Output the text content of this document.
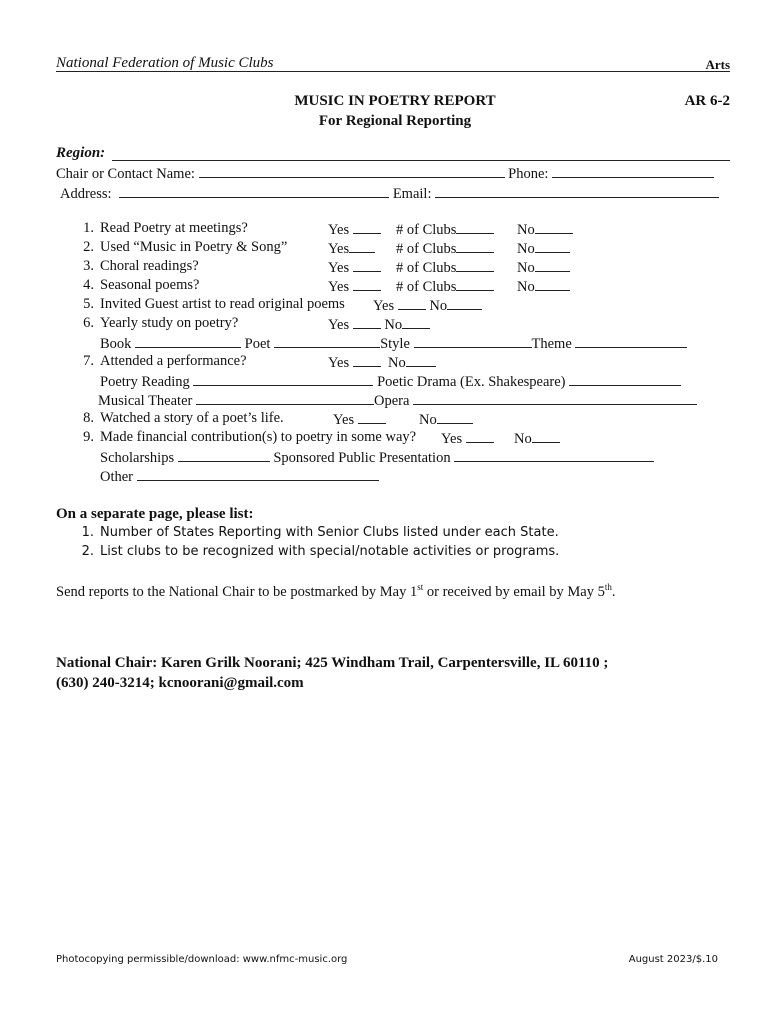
National Federation of Music Clubs	Arts
MUSIC IN POETRY REPORT
For Regional Reporting
AR 6-2
Region:
Chair or Contact Name:	Phone:
Address:	Email:
1. Read Poetry at meetings?	Yes	# of Clubs	No
2. Used “Music in Poetry & Song”	Yes	# of Clubs	No
3. Choral readings?	Yes	# of Clubs	No
4. Seasonal poems?	Yes	# of Clubs	No
5. Invited Guest artist to read original poems Yes No
6. Yearly study on poetry?	Yes No
Book	Poet	Style	Theme
7. Attended a performance?	Yes	No
Poetry Reading	Poetic Drama (Ex. Shakespeare)
Musical Theater	Opera
8. Watched a story of a poet’s life.	Yes	No
9. Made financial contribution(s) to poetry in some way? Yes	No
Scholarships	Sponsored Public Presentation
Other
On a separate page, please list:
1. Number of States Reporting with Senior Clubs listed under each State.
2. List clubs to be recognized with special/notable activities or programs.
Send reports to the National Chair to be postmarked by May 1st or received by email by May 5th.
National Chair: Karen Grilk Noorani; 425 Windham Trail, Carpentersville, IL 60110 ;
(630) 240-3214; kcnoorani@gmail.com
Photocopying permissible/download: www.nfmc-music.org	August 2023/$.10
